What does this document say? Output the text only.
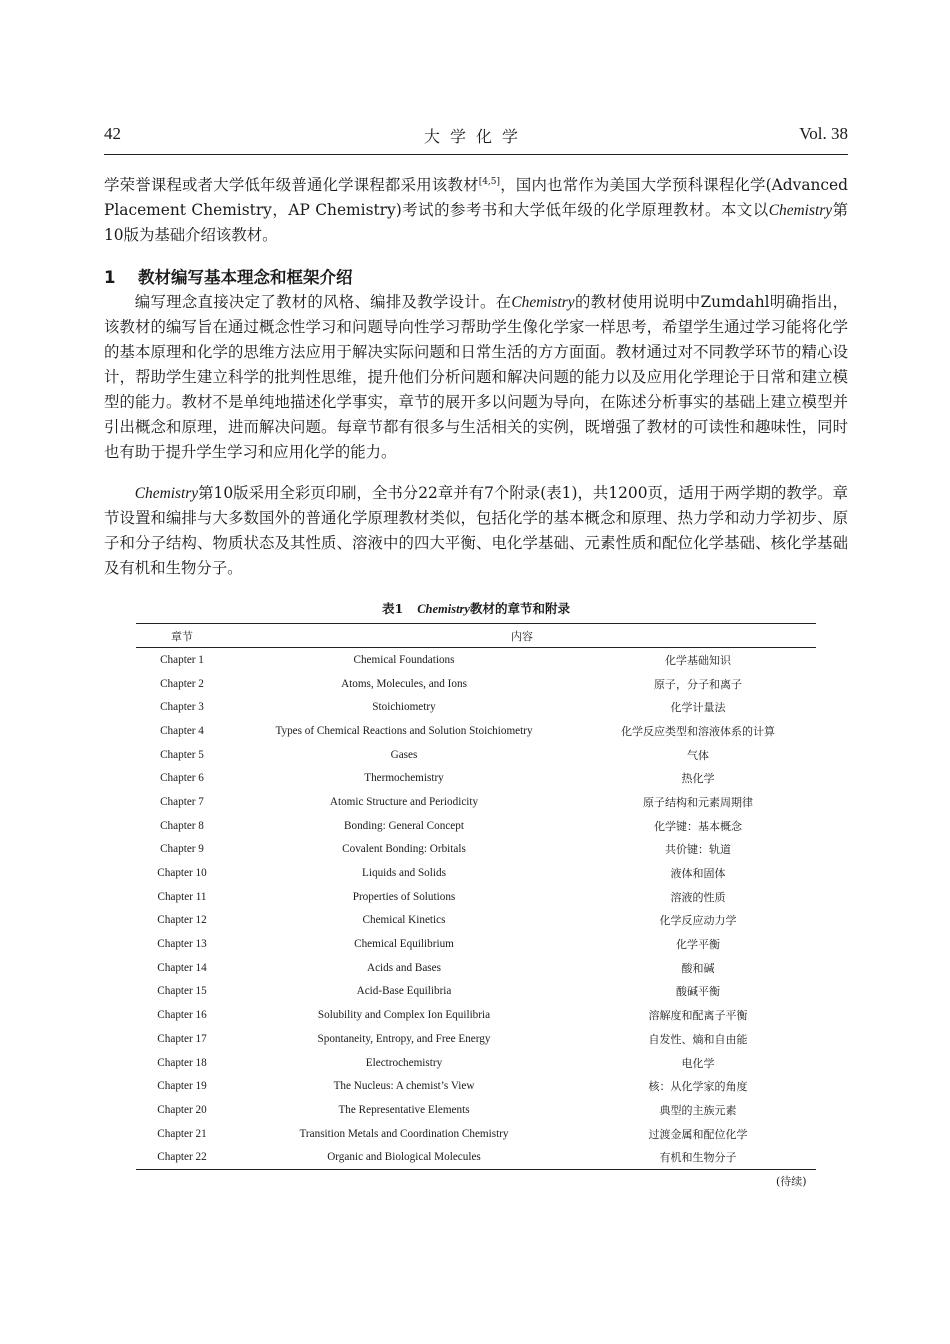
42	大学化学	Vol. 38
学荣誉课程或者大学低年级普通化学课程都采用该教材[4,5]，国内也常作为美国大学预科课程化学(Advanced Placement Chemistry，AP Chemistry)考试的参考书和大学低年级的化学原理教材。本文以Chemistry第10版为基础介绍该教材。
1 教材编写基本理念和框架介绍
编写理念直接决定了教材的风格、编排及教学设计。在Chemistry的教材使用说明中Zumdahl明确指出，该教材的编写旨在通过概念性学习和问题导向性学习帮助学生像化学家一样思考，希望学生通过学习能将化学的基本原理和化学的思维方法应用于解决实际问题和日常生活的方方面面。教材通过对不同教学环节的精心设计，帮助学生建立科学的批判性思维，提升他们分析问题和解决问题的能力以及应用化学理论于日常和建立模型的能力。教材不是单纯地描述化学事实，章节的展开多以问题为导向，在陈述分析事实的基础上建立模型并引出概念和原理，进而解决问题。每章节都有很多与生活相关的实例，既增强了教材的可读性和趣味性，同时也有助于提升学生学习和应用化学的能力。
Chemistry第10版采用全彩页印刷，全书分22章并有7个附录(表1)，共1200页，适用于两学期的教学。章节设置和编排与大多数国外的普通化学原理教材类似，包括化学的基本概念和原理、热力学和动力学初步、原子和分子结构、物质状态及其性质、溶液中的四大平衡、电化学基础、元素性质和配位化学基础、核化学基础及有机和生物分子。
表1 Chemistry教材的章节和附录
章节	内容	
Chapter 1	Chemical Foundations	化学基础知识
Chapter 2	Atoms, Molecules, and Ions	原子，分子和离子
Chapter 3	Stoichiometry	化学计量法
Chapter 4	Types of Chemical Reactions and Solution Stoichiometry	化学反应类型和溶液体系的计算
Chapter 5	Gases	气体
Chapter 6	Thermochemistry	热化学
Chapter 7	Atomic Structure and Periodicity	原子结构和元素周期律
Chapter 8	Bonding: General Concept	化学键：基本概念
Chapter 9	Covalent Bonding: Orbitals	共价键：轨道
Chapter 10	Liquids and Solids	液体和固体
Chapter 11	Properties of Solutions	溶液的性质
Chapter 12	Chemical Kinetics	化学反应动力学
Chapter 13	Chemical Equilibrium	化学平衡
Chapter 14	Acids and Bases	酸和碱
Chapter 15	Acid-Base Equilibria	酸碱平衡
Chapter 16	Solubility and Complex Ion Equilibria	溶解度和配离子平衡
Chapter 17	Spontaneity, Entropy, and Free Energy	自发性、熵和自由能
Chapter 18	Electrochemistry	电化学
Chapter 19	The Nucleus: A chemist’s View	核：从化学家的角度
Chapter 20	The Representative Elements	典型的主族元素
Chapter 21	Transition Metals and Coordination Chemistry	过渡金属和配位化学
Chapter 22	Organic and Biological Molecules	有机和生物分子
(待续)
